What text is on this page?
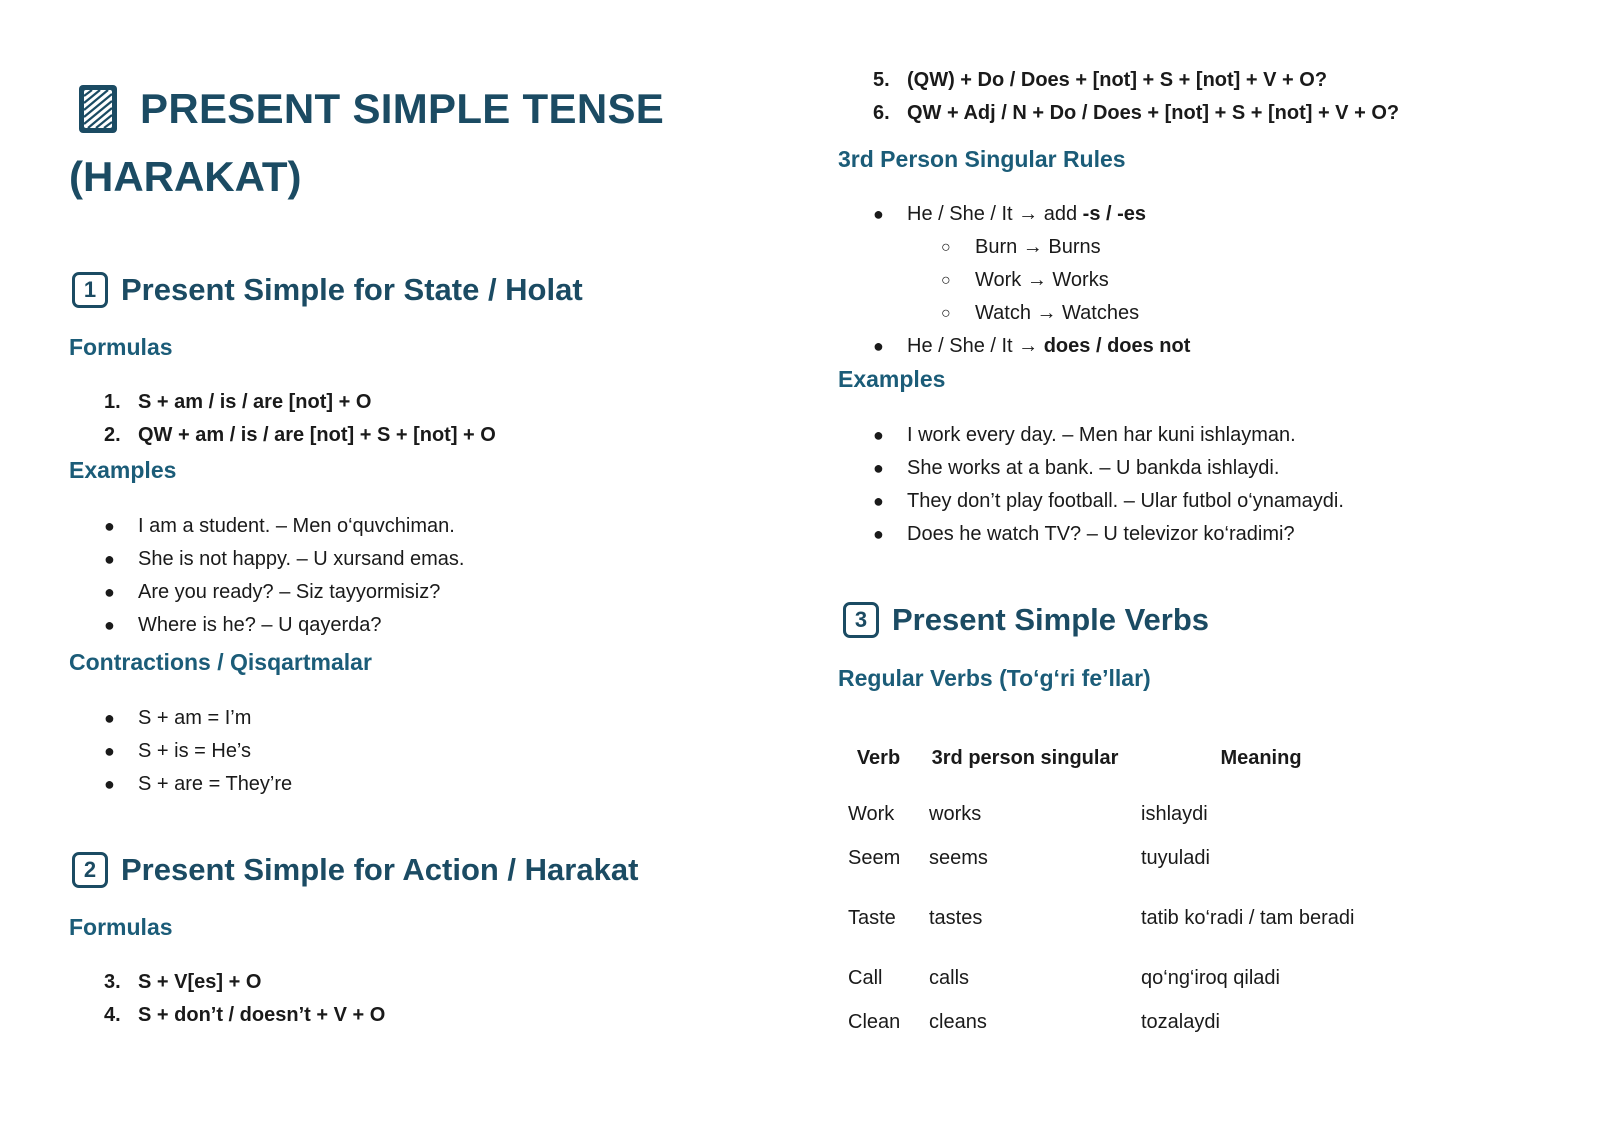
PRESENT SIMPLE TENSE
(HARAKAT)
1 Present Simple for State / Holat
Formulas
1. S + am / is / are [not] + O
2. QW + am / is / are [not] + S + [not] + O
Examples
● I am a student. – Men o‘quvchiman.
● She is not happy. – U xursand emas.
● Are you ready? – Siz tayyormisiz?
● Where is he? – U qayerda?
Contractions / Qisqartmalar
● S + am = I’m
● S + is = He’s
● S + are = They’re
2 Present Simple for Action / Harakat
Formulas
3. S + V[es] + O
4. S + don’t / doesn’t + V + O
5. (QW) + Do / Does + [not] + S + [not] + V + O?
6. QW + Adj / N + Do / Does + [not] + S + [not] + V + O?
3rd Person Singular Rules
● He / She / It → add -s / -es
○ Burn → Burns
○ Work → Works
○ Watch → Watches
● He / She / It → does / does not
Examples
● I work every day. – Men har kuni ishlayman.
● She works at a bank. – U bankda ishlaydi.
● They don’t play football. – Ular futbol o‘ynamaydi.
● Does he watch TV? – U televizor ko‘radimi?
3 Present Simple Verbs
Regular Verbs (To‘g‘ri fe’llar)
Verb	3rd person singular	Meaning
Work	works	ishlaydi
Seem	seems	tuyuladi
Taste	tastes	tatib ko‘radi / tam beradi
Call	calls	qo‘ng‘iroq qiladi
Clean	cleans	tozalaydi
